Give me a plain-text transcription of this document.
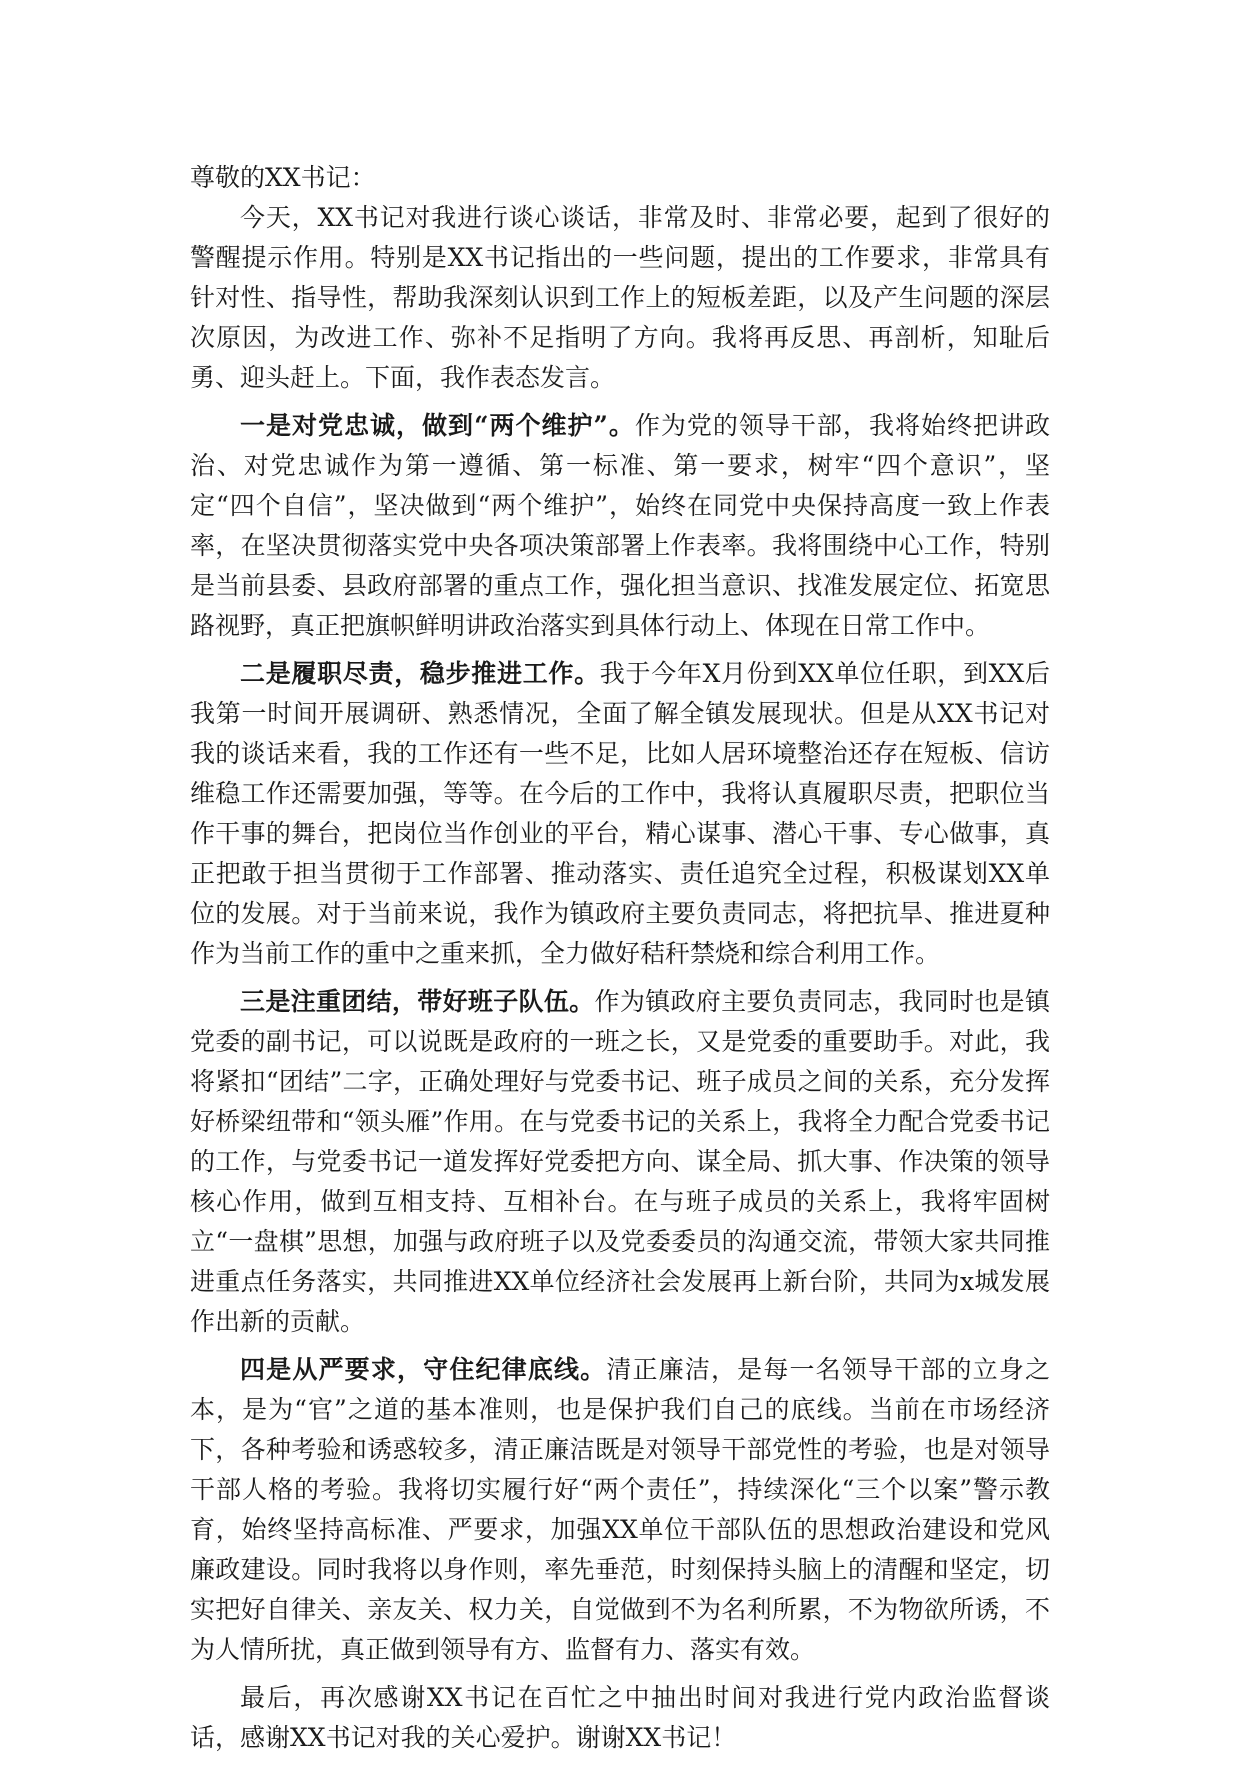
尊敬的XX书记：

今天，XX书记对我进行谈心谈话，非常及时、非常必要，起到了很好的警醒提示作用。特别是XX书记指出的一些问题，提出的工作要求，非常具有针对性、指导性，帮助我深刻认识到工作上的短板差距，以及产生问题的深层次原因，为改进工作、弥补不足指明了方向。我将再反思、再剖析，知耻后勇、迎头赶上。下面，我作表态发言。

一是对党忠诚，做到“两个维护”。作为党的领导干部，我将始终把讲政治、对党忠诚作为第一遵循、第一标准、第一要求，树牢“四个意识”，坚定“四个自信”，坚决做到“两个维护”，始终在同党中央保持高度一致上作表率，在坚决贯彻落实党中央各项决策部署上作表率。我将围绕中心工作，特别是当前县委、县政府部署的重点工作，强化担当意识、找准发展定位、拓宽思路视野，真正把旗帜鲜明讲政治落实到具体行动上、体现在日常工作中。

二是履职尽责，稳步推进工作。我于今年X月份到XX单位任职，到XX后我第一时间开展调研、熟悉情况，全面了解全镇发展现状。但是从XX书记对我的谈话来看，我的工作还有一些不足，比如人居环境整治还存在短板、信访维稳工作还需要加强，等等。在今后的工作中，我将认真履职尽责，把职位当作干事的舞台，把岗位当作创业的平台，精心谋事、潜心干事、专心做事，真正把敢于担当贯彻于工作部署、推动落实、责任追究全过程，积极谋划XX单位的发展。对于当前来说，我作为镇政府主要负责同志，将把抗旱、推进夏种作为当前工作的重中之重来抓，全力做好秸秆禁烧和综合利用工作。

三是注重团结，带好班子队伍。作为镇政府主要负责同志，我同时也是镇党委的副书记，可以说既是政府的一班之长，又是党委的重要助手。对此，我将紧扣“团结”二字，正确处理好与党委书记、班子成员之间的关系，充分发挥好桥梁纽带和“领头雁”作用。在与党委书记的关系上，我将全力配合党委书记的工作，与党委书记一道发挥好党委把方向、谋全局、抓大事、作决策的领导核心作用，做到互相支持、互相补台。在与班子成员的关系上，我将牢固树立“一盘棋”思想，加强与政府班子以及党委委员的沟通交流，带领大家共同推进重点任务落实，共同推进XX单位经济社会发展再上新台阶，共同为x城发展作出新的贡献。

四是从严要求，守住纪律底线。清正廉洁，是每一名领导干部的立身之本，是为“官”之道的基本准则，也是保护我们自己的底线。当前在市场经济下，各种考验和诱惑较多，清正廉洁既是对领导干部党性的考验，也是对领导干部人格的考验。我将切实履行好“两个责任”，持续深化“三个以案”警示教育，始终坚持高标准、严要求，加强XX单位干部队伍的思想政治建设和党风廉政建设。同时我将以身作则，率先垂范，时刻保持头脑上的清醒和坚定，切实把好自律关、亲友关、权力关，自觉做到不为名利所累，不为物欲所诱，不为人情所扰，真正做到领导有方、监督有力、落实有效。

最后，再次感谢XX书记在百忙之中抽出时间对我进行党内政治监督谈话，感谢XX书记对我的关心爱护。谢谢XX书记！
